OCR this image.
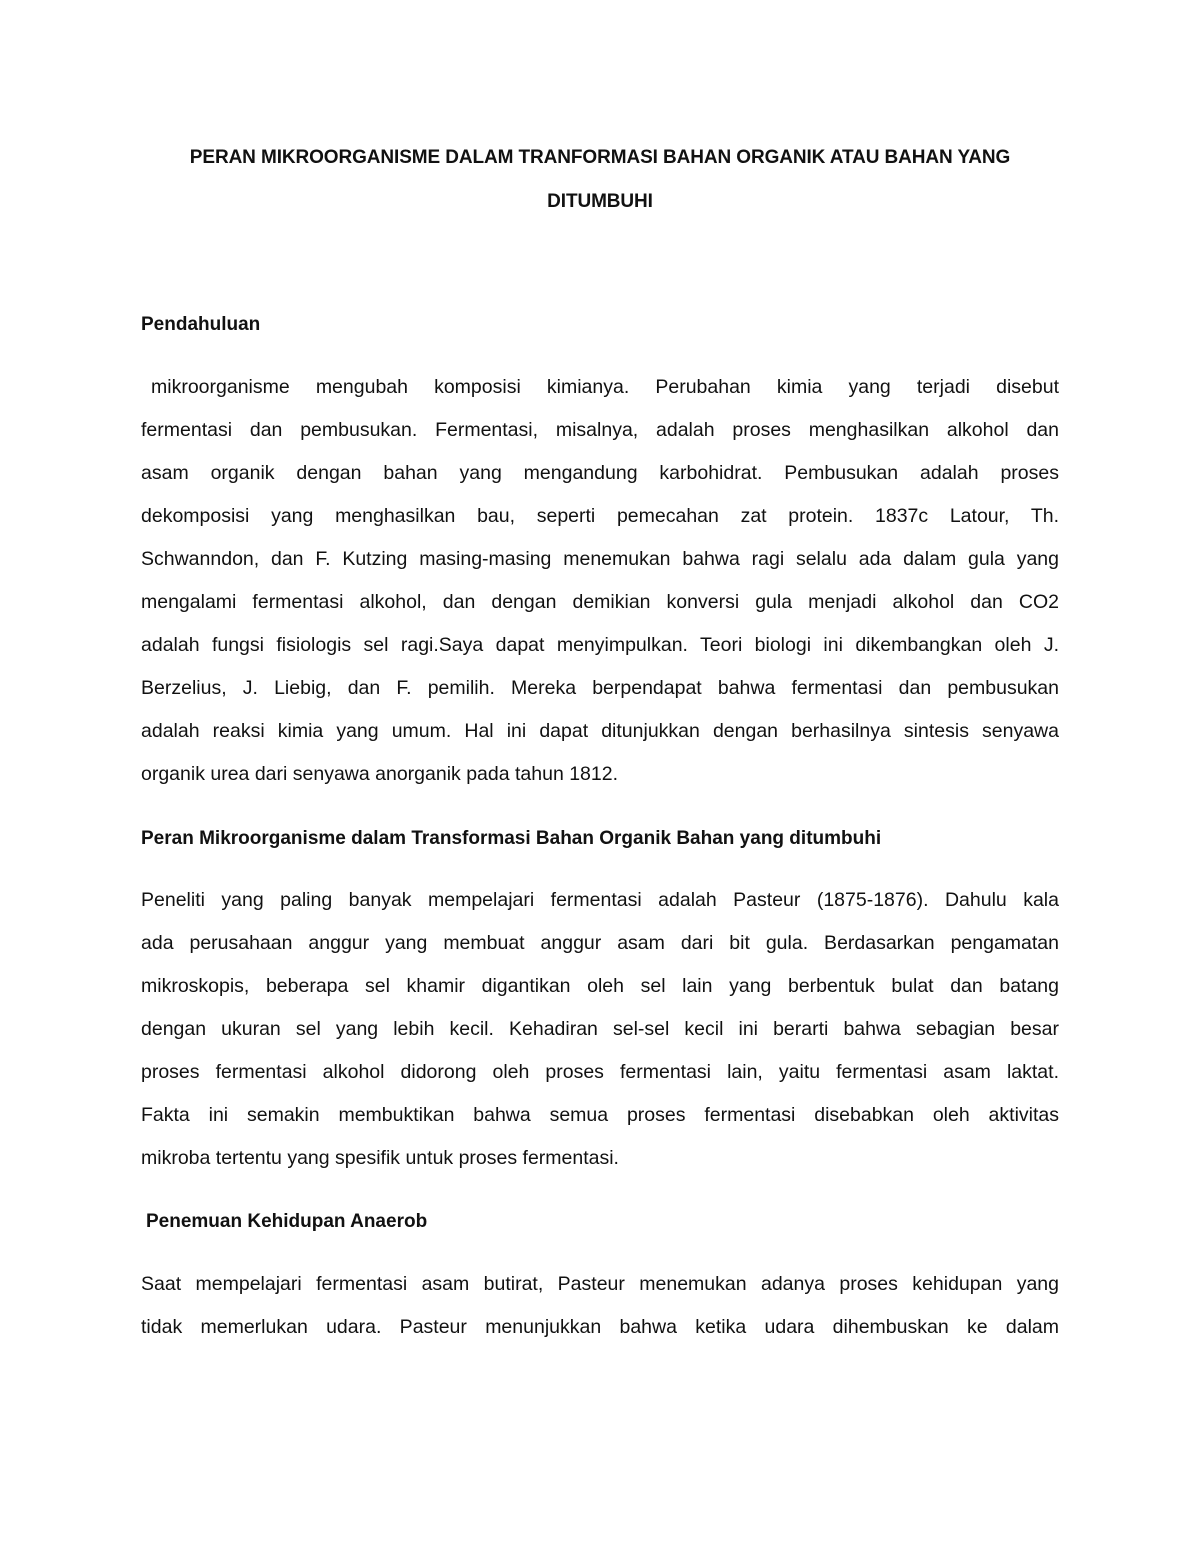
PERAN MIKROORGANISME DALAM TRANFORMASI BAHAN ORGANIK ATAU BAHAN YANG
DITUMBUHI
Pendahuluan
mikroorganisme mengubah komposisi kimianya. Perubahan kimia yang terjadi disebut
fermentasi dan pembusukan. Fermentasi, misalnya, adalah proses menghasilkan alkohol dan
asam organik dengan bahan yang mengandung karbohidrat. Pembusukan adalah proses
dekomposisi yang menghasilkan bau, seperti pemecahan zat protein. 1837c Latour, Th.
Schwanndon, dan F. Kutzing masing-masing menemukan bahwa ragi selalu ada dalam gula yang
mengalami fermentasi alkohol, dan dengan demikian konversi gula menjadi alkohol dan CO2
adalah fungsi fisiologis sel ragi.Saya dapat menyimpulkan. Teori biologi ini dikembangkan oleh J.
Berzelius, J. Liebig, dan F. pemilih. Mereka berpendapat bahwa fermentasi dan pembusukan
adalah reaksi kimia yang umum. Hal ini dapat ditunjukkan dengan berhasilnya sintesis senyawa
organik urea dari senyawa anorganik pada tahun 1812.
Peran Mikroorganisme dalam Transformasi Bahan Organik Bahan yang ditumbuhi
Peneliti yang paling banyak mempelajari fermentasi adalah Pasteur (1875-1876). Dahulu kala
ada perusahaan anggur yang membuat anggur asam dari bit gula. Berdasarkan pengamatan
mikroskopis, beberapa sel khamir digantikan oleh sel lain yang berbentuk bulat dan batang
dengan ukuran sel yang lebih kecil. Kehadiran sel-sel kecil ini berarti bahwa sebagian besar
proses fermentasi alkohol didorong oleh proses fermentasi lain, yaitu fermentasi asam laktat.
Fakta ini semakin membuktikan bahwa semua proses fermentasi disebabkan oleh aktivitas
mikroba tertentu yang spesifik untuk proses fermentasi.
Penemuan Kehidupan Anaerob
Saat mempelajari fermentasi asam butirat, Pasteur menemukan adanya proses kehidupan yang
tidak memerlukan udara. Pasteur menunjukkan bahwa ketika udara dihembuskan ke dalam
